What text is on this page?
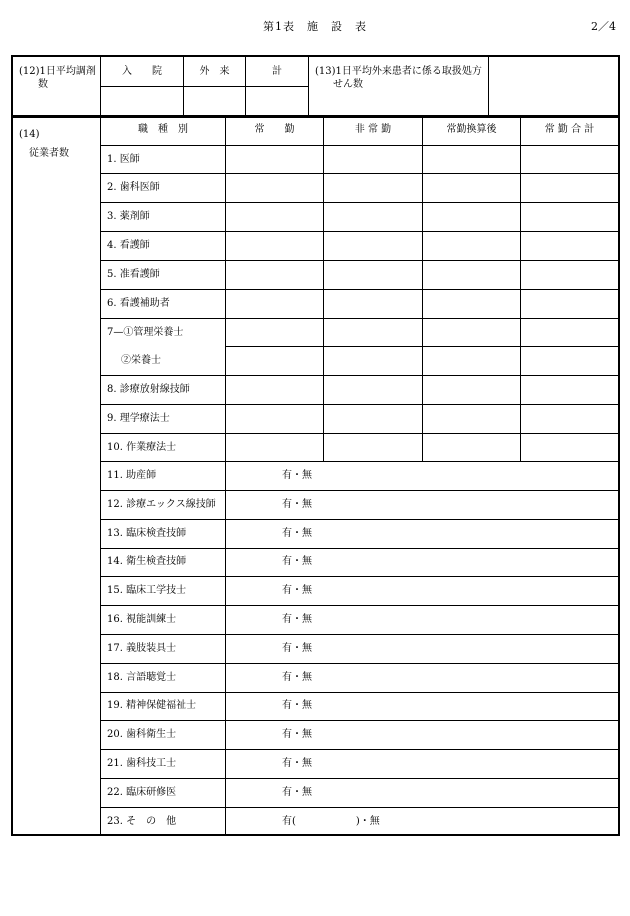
第1表　施　設　表	2／4
(12)1日平均調剤
数
入　　院	外　来	計	(13)1日平均外来患者に係る取扱処方
せん数
(14)
従業者数
職　種　別	常　　勤	非 常 勤	常勤換算後	常 勤 合 計
1. 医師
2. 歯科医師
3. 薬剤師
4. 看護師
5. 准看護師
6. 看護補助者
7—①管理栄養士
②栄養士
8. 診療放射線技師
9. 理学療法士
10. 作業療法士
11. 助産師	有・無
12. 診療エックス線技師	有・無
13. 臨床検査技師	有・無
14. 衛生検査技師	有・無
15. 臨床工学技士	有・無
16. 視能訓練士	有・無
17. 義肢装具士	有・無
18. 言語聴覚士	有・無
19. 精神保健福祉士	有・無
20. 歯科衛生士	有・無
21. 歯科技工士	有・無
22. 臨床研修医	有・無
23. そ　の　他	有(　　　　　　)・無
